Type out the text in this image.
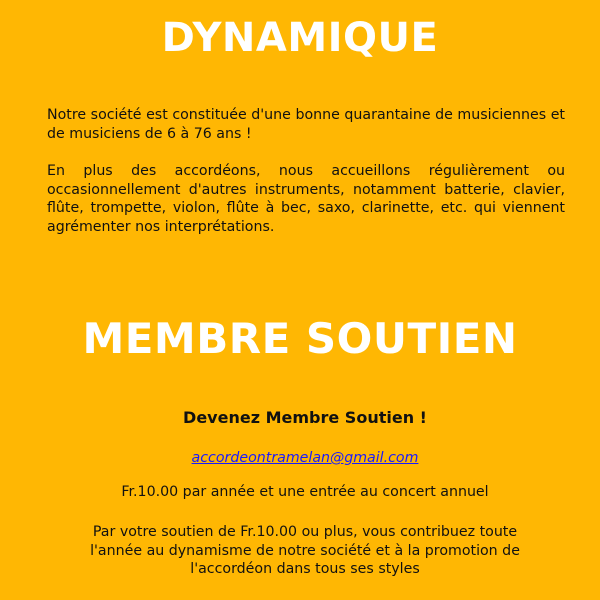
DYNAMIQUE

Notre société est constituée d'une bonne quarantaine de musiciennes et de musiciens de 6 à 76 ans !

En plus des accordéons, nous accueillons régulièrement ou occasionnellement d'autres instruments, notamment batterie, clavier, flûte, trompette, violon, flûte à bec, saxo, clarinette, etc. qui viennent agrémenter nos interprétations.

MEMBRE SOUTIEN

Devenez Membre Soutien !

accordeontramelan@gmail.com

Fr.10.00 par année et une entrée au concert annuel

Par votre soutien de Fr.10.00 ou plus, vous contribuez toute
l'année au dynamisme de notre société et à la promotion de
l'accordéon dans tous ses styles
